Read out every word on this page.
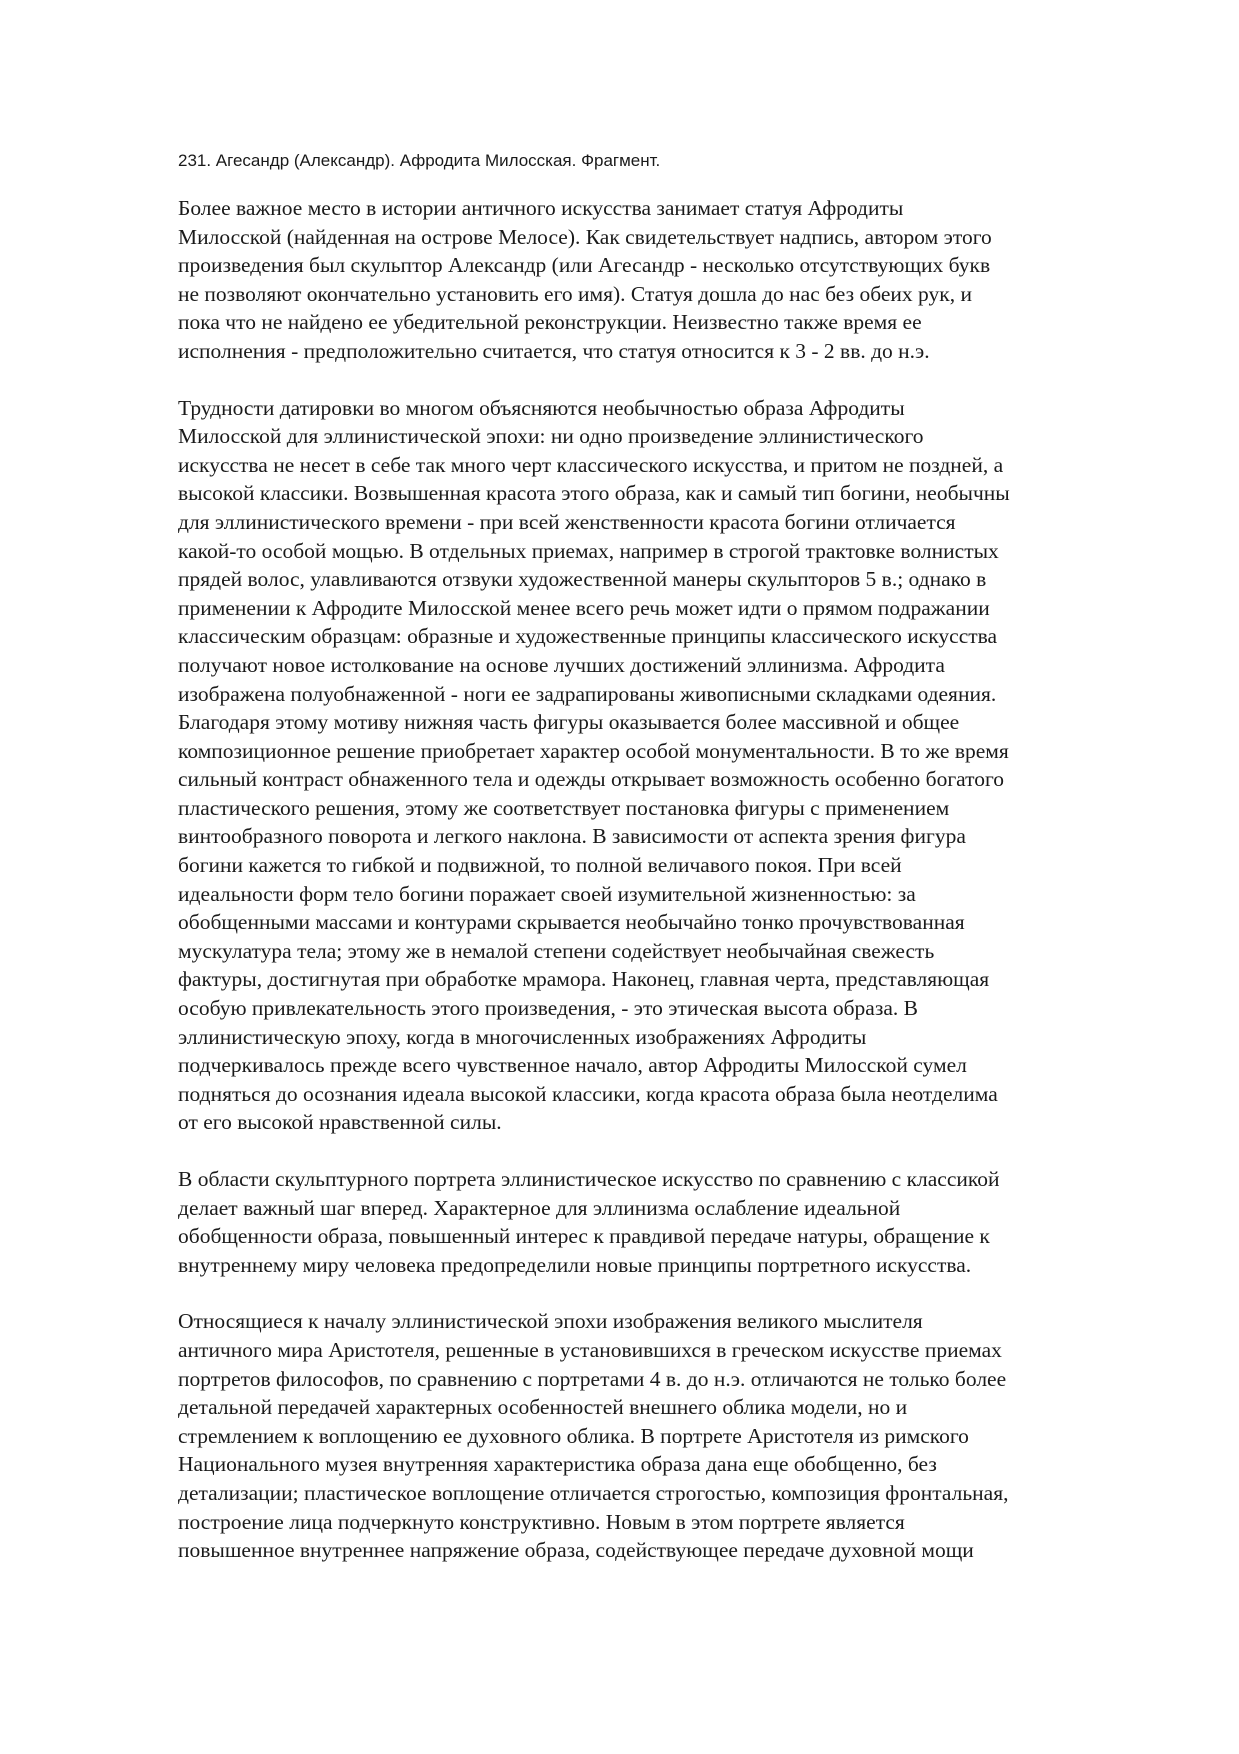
231. Агесандр (Александр). Афродита Милосская. Фрагмент.

Более важное место в истории античного искусства занимает статуя Афродиты
Милосской (найденная на острове Мелосе). Как свидетельствует надпись, автором этого
произведения был скульптор Александр (или Агесандр - несколько отсутствующих букв
не позволяют окончательно установить его имя). Статуя дошла до нас без обеих рук, и
пока что не найдено ее убедительной реконструкции. Неизвестно также время ее
исполнения - предположительно считается, что статуя относится к 3 - 2 вв. до н.э.

Трудности датировки во многом объясняются необычностью образа Афродиты
Милосской для эллинистической эпохи: ни одно произведение эллинистического
искусства не несет в себе так много черт классического искусства, и притом не поздней, а
высокой классики. Возвышенная красота этого образа, как и самый тип богини, необычны
для эллинистического времени - при всей женственности красота богини отличается
какой-то особой мощью. В отдельных приемах, например в строгой трактовке волнистых
прядей волос, улавливаются отзвуки художественной манеры скульпторов 5 в.; однако в
применении к Афродите Милосской менее всего речь может идти о прямом подражании
классическим образцам: образные и художественные принципы классического искусства
получают новое истолкование на основе лучших достижений эллинизма. Афродита
изображена полуобнаженной - ноги ее задрапированы живописными складками одеяния.
Благодаря этому мотиву нижняя часть фигуры оказывается более массивной и общее
композиционное решение приобретает характер особой монументальности. В то же время
сильный контраст обнаженного тела и одежды открывает возможность особенно богатого
пластического решения, этому же соответствует постановка фигуры с применением
винтообразного поворота и легкого наклона. В зависимости от аспекта зрения фигура
богини кажется то гибкой и подвижной, то полной величавого покоя. При всей
идеальности форм тело богини поражает своей изумительной жизненностью: за
обобщенными массами и контурами скрывается необычайно тонко прочувствованная
мускулатура тела; этому же в немалой степени содействует необычайная свежесть
фактуры, достигнутая при обработке мрамора. Наконец, главная черта, представляющая
особую привлекательность этого произведения, - это этическая высота образа. В
эллинистическую эпоху, когда в многочисленных изображениях Афродиты
подчеркивалось прежде всего чувственное начало, автор Афродиты Милосской сумел
подняться до осознания идеала высокой классики, когда красота образа была неотделима
от его высокой нравственной силы.

В области скульптурного портрета эллинистическое искусство по сравнению с классикой
делает важный шаг вперед. Характерное для эллинизма ослабление идеальной
обобщенности образа, повышенный интерес к правдивой передаче натуры, обращение к
внутреннему миру человека предопределили новые принципы портретного искусства.

Относящиеся к началу эллинистической эпохи изображения великого мыслителя
античного мира Аристотеля, решенные в установившихся в греческом искусстве приемах
портретов философов, по сравнению с портретами 4 в. до н.э. отличаются не только более
детальной передачей характерных особенностей внешнего облика модели, но и
стремлением к воплощению ее духовного облика. В портрете Аристотеля из римского
Национального музея внутренняя характеристика образа дана еще обобщенно, без
детализации; пластическое воплощение отличается строгостью, композиция фронтальная,
построение лица подчеркнуто конструктивно. Новым в этом портрете является
повышенное внутреннее напряжение образа, содействующее передаче духовной мощи
